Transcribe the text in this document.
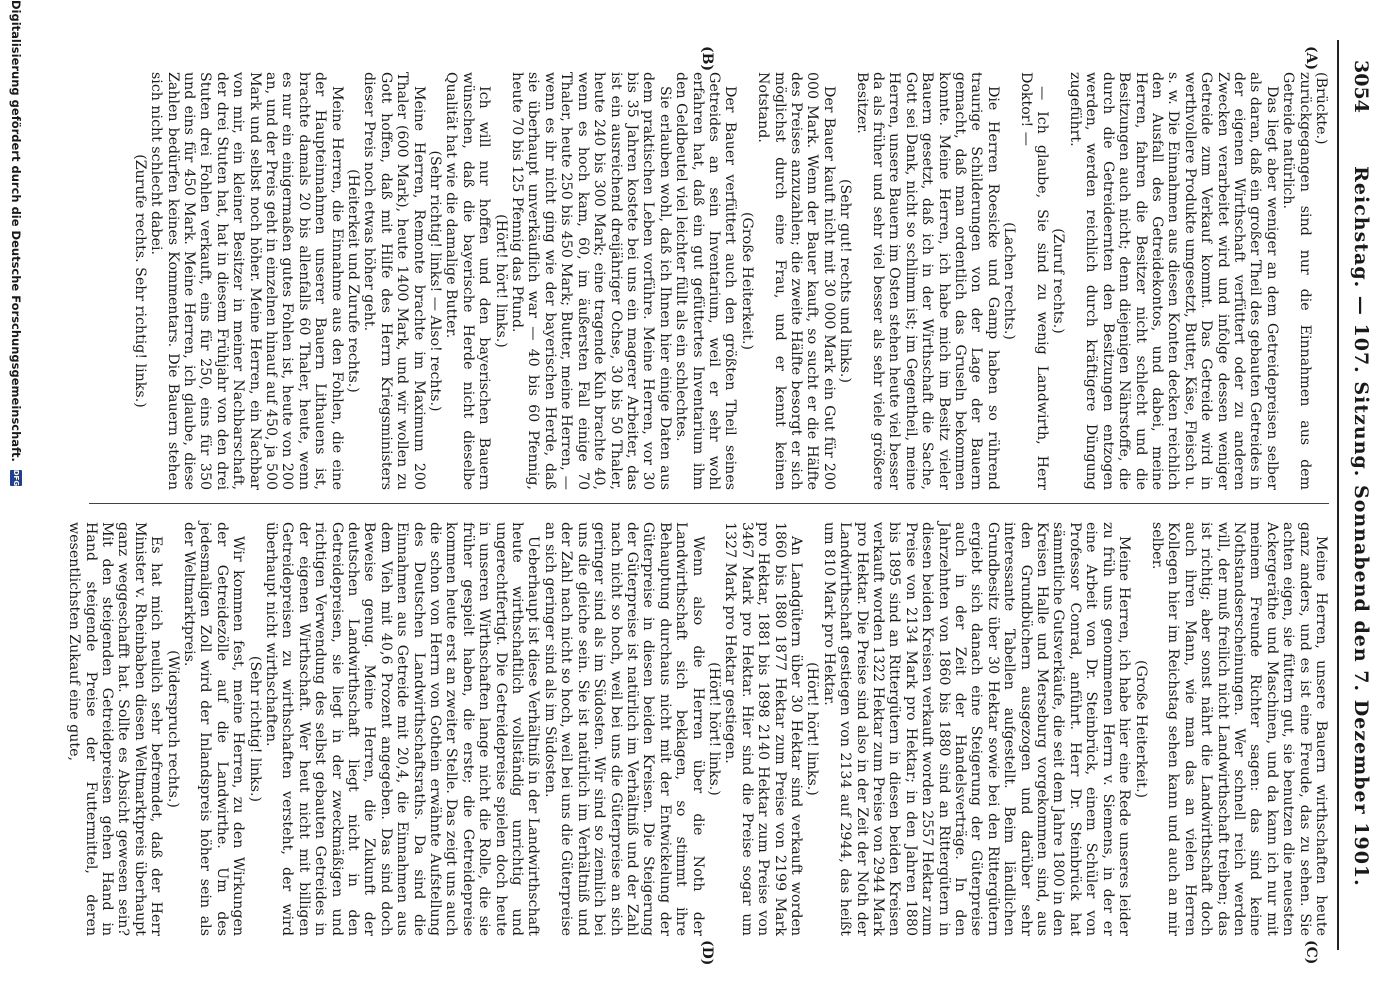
3054
Reichstag. — 107. Sitzung. Sonnabend den 7. Dezember 1901.
(A)
(B)
(C)
(D)

(Brückte.)

zurückgegangen sind nur die Einnahmen aus dem Getreide natürlich.

Das liegt aber weniger an dem Getreidepreisen selber als daran, daß ein großer Theil des gebauten Getreides in der eigenen Wirthschaft verfüttert oder zu anderen Zwecken verarbeitet wird und infolge dessen weniger Getreide zum Verkauf kommt. Das Getreide wird in werthvollere Produkte umgesetzt, Butter, Käse, Fleisch u. s. w. Die Einnahmen aus diesen Konten decken reichlich den Ausfall des Getreidekontos, und dabei, meine Herren, fahren die Besitzer nicht schlecht und die Besitzungen auch nicht; denn diejenigen Nährstoffe, die durch die Getreideernten den Besitzungen entzogen werden, werden reichlich durch kräftigere Düngung zugeführt.

(Zuruf rechts.)

— Ich glaube, Sie sind zu wenig Landwirth, Herr Doktor! —

(Lachen rechts.)

Die Herren Roesicke und Gamp haben so rührend traurige Schilderungen von der Lage der Bauern gemacht, daß man ordentlich das Gruseln bekommen konnte. Meine Herren, ich habe mich im Besitz vieler Bauern gesetzt, daß ich in der Wirthschaft die Sache, Gott sei Dank, nicht so schlimm ist; im Gegentheil, meine Herren, unsere Bauern im Osten stehen heute viel besser da als früher und sehr viel besser als sehr viele größere Besitzer.

(Sehr gut! rechts und links.)

Der Bauer kauft nicht mit 30 000 Mark ein Gut für 200 000 Mark. Wenn der Bauer kauft, so sucht er die Hälfte des Preises anzuzahlen; die zweite Hälfte besorgt er sich möglichst durch eine Frau, und er kennt keinen Notstand.

(Große Heiterkeit.)

Der Bauer verfüttert auch den größten Theil seines Getreides an sein Inventarium, weil er sehr wohl erfahren hat, daß ein gut gefüttertes Inventarium ihm den Geldbeutel viel leichter füllt als ein schlechtes.

Sie erlauben wohl, daß ich Ihnen hier einige Daten aus dem praktischen Leben vorführe. Meine Herren, vor 30 bis 35 Jahren kostete bei uns ein magerer Arbeiter, das ist ein ausreichend dreijähriger Ochse, 30 bis 50 Thaler, heute 240 bis 300 Mark; eine tragende Kuh brachte 40, wenn es hoch kam, 60, im äußersten Fall einige 70 Thaler, heute 250 bis 450 Mark; Butter, meine Herren, — wenn es ihr nicht ging wie der bayerischen Herde, daß sie überhaupt unverkäuflich war — 40 bis 60 Pfennig, heute 70 bis 125 Pfennig das Pfund.

(Hört! hört! links.)

Ich will nur hoffen und den bayerischen Bauern wünschen, daß die bayerische Herde nicht dieselbe Qualität hat wie die damalige Butter.

(Sehr richtig! links! — Also! rechts.)

Meine Herren, Remonte brachte im Maximum 200 Thaler (600 Mark), heute 1400 Mark, und wir wollen zu Gott hoffen, daß mit Hilfe des Herrn Kriegsministers dieser Preis noch etwas höher geht.

(Heiterkeit und Zurufe rechts.)

Meine Herren, die Einnahme aus den Fohlen, die eine der Haupteinnahmen unserer Bauern Lithauens ist, brachte damals 20 bis allenfalls 60 Thaler, heute, wenn es nur ein einigermaßen gutes Fohlen ist, heute von 200 an, und der Preis geht in einzelnen hinauf auf 450, ja 500 Mark und selbst noch höher. Meine Herren, ein Nachbar von mir, ein kleiner Besitzer in meiner Nachbarschaft, der drei Stuten hat, hat in diesem Frühjahr von den drei Stuten drei Fohlen verkauft, eins für 250, eins für 350 und eins für 450 Mark. Meine Herren, ich glaube, diese Zahlen bedürfen keines Kommentars. Die Bauern stehen sich nicht schlecht dabei.

(Zurufe rechts. Sehr richtig! links.)

Meine Herren, unsere Bauern wirthschaften heute ganz anders, und es ist eine Freude, das zu sehen. Sie achten eigen, sie füttern gut, sie benutzen die neuesten Ackergeräthe und Maschinen, und da kann ich nur mit meinem Freunde Richter sagen: das sind keine Nothstandserscheinungen. Wer schnell reich werden will, der muß freilich nicht Landwirthschaft treiben; das ist richtig; aber sonst nährt die Landwirthschaft doch auch ihren Mann, wie man das an vielen Herren Kollegen hier im Reichstag sehen kann und auch an mir selber.

(Große Heiterkeit.)

Meine Herren, ich habe hier eine Rede unseres leider zu früh uns genommenen Herrn v. Siemens, in der er eine Arbeit von Dr. Steinbrück, einem Schüler von Professor Conrad, anführt. Herr Dr. Steinbrück hat sämmtliche Gutsverkäufe, die seit dem Jahre 1800 in den Kreisen Halle und Merseburg vorgekommen sind, aus den Grundbüchern ausgezogen und darüber sehr interessante Tabellen aufgestellt. Beim ländlichen Grundbesitz über 30 Hektar sowie bei den Rittergütern ergiebt sich danach eine Steigerung der Güterpreise auch in der Zeit der Handelsverträge. In den Jahrzehnten von 1860 bis 1880 sind an Rittergütern in diesen beiden Kreisen verkauft worden 2557 Hektar zum Preise von 2134 Mark pro Hektar; in den Jahren 1880 bis 1895 sind an Rittergütern in diesen beiden Kreisen verkauft worden 1322 Hektar zum Preise von 2944 Mark pro Hektar. Die Preise sind also in der Zeit der Noth der Landwirthschaft gestiegen von 2134 auf 2944, das heißt um 810 Mark pro Hektar.

(Hört! hört! links.)

An Landgütern über 30 Hektar sind verkauft worden 1860 bis 1880 1877 Hektar zum Preise von 2199 Mark pro Hektar, 1881 bis 1898 2140 Hektar zum Preise von 3467 Mark pro Hektar. Hier sind die Preise sogar um 1327 Mark pro Hektar gestiegen.

(Hört! hört! links.)

Wenn also die Herren über die Noth der Landwirthschaft sich beklagen, so stimmt ihre Behauptung durchaus nicht mit der Entwickelung der Güterpreise in diesen beiden Kreisen. Die Steigerung der Güterpreise ist natürlich im Verhältniß und der Zahl nach nicht so hoch, weil bei uns die Güterpreise an sich geringer sind als im Südosten. Wir sind so ziemlich bei uns die gleiche sein. Sie ist natürlich im Verhältniß und der Zahl nach nicht so hoch, weil bei uns die Güterpreise an sich geringer sind als im Südosten.

Ueberhaupt ist diese Verhältniß in der Landwirthschaft heute wirthschaftlich vollständig unrichtig und ungerechtfertigt. Die Getreidepreise spielen doch heute in unseren Wirthschaften lange nicht die Rolle, die sie früher gespielt haben, die erste; die Getreidepreise kommen heute erst an zweiter Stelle. Das zeigt uns auch die schon von Herrn von Gothein erwähnte Aufstellung des Deutschen Landwirthschaftsraths. Da sind die Einnahmen aus Getreide mit 20,4, die Einnahmen aus dem Vieh mit 40,6 Prozent angegeben. Das sind doch Beweise genug. Meine Herren, die Zukunft der deutschen Landwirthschaft liegt nicht in den Getreidepreisen, sie liegt in der zweckmäßigen und richtigen Verwendung des selbst gebauten Getreides in der eigenen Wirthschaft. Wer heut nicht mit billigen Getreidepreisen zu wirthschaften versteht, der wird überhaupt nicht wirthschaften.

(Sehr richtig! links.)

Wir kommen fest, meine Herren, zu den Wirkungen der Getreidezölle auf die Landwirthe. Um des jedesmaligen Zoll wird der Inlandspreis höher sein als der Weltmarktpreis.

(Widerspruch rechts.)

Es hat mich neulich sehr befremdet, daß der Herr Minister v. Rheinbaben diesen Weltmarktpreis überhaupt ganz weggeschafft hat. Sollte es Absicht gewesen sein? Mit den steigenden Getreidepreisen gehen Hand in Hand steigende Preise der Futtermittel, deren wesentlichsten Zukauf eine gute,

Digitalisierung gefördert durch die Deutsche Forschungsgemeinschaft.
DFG
